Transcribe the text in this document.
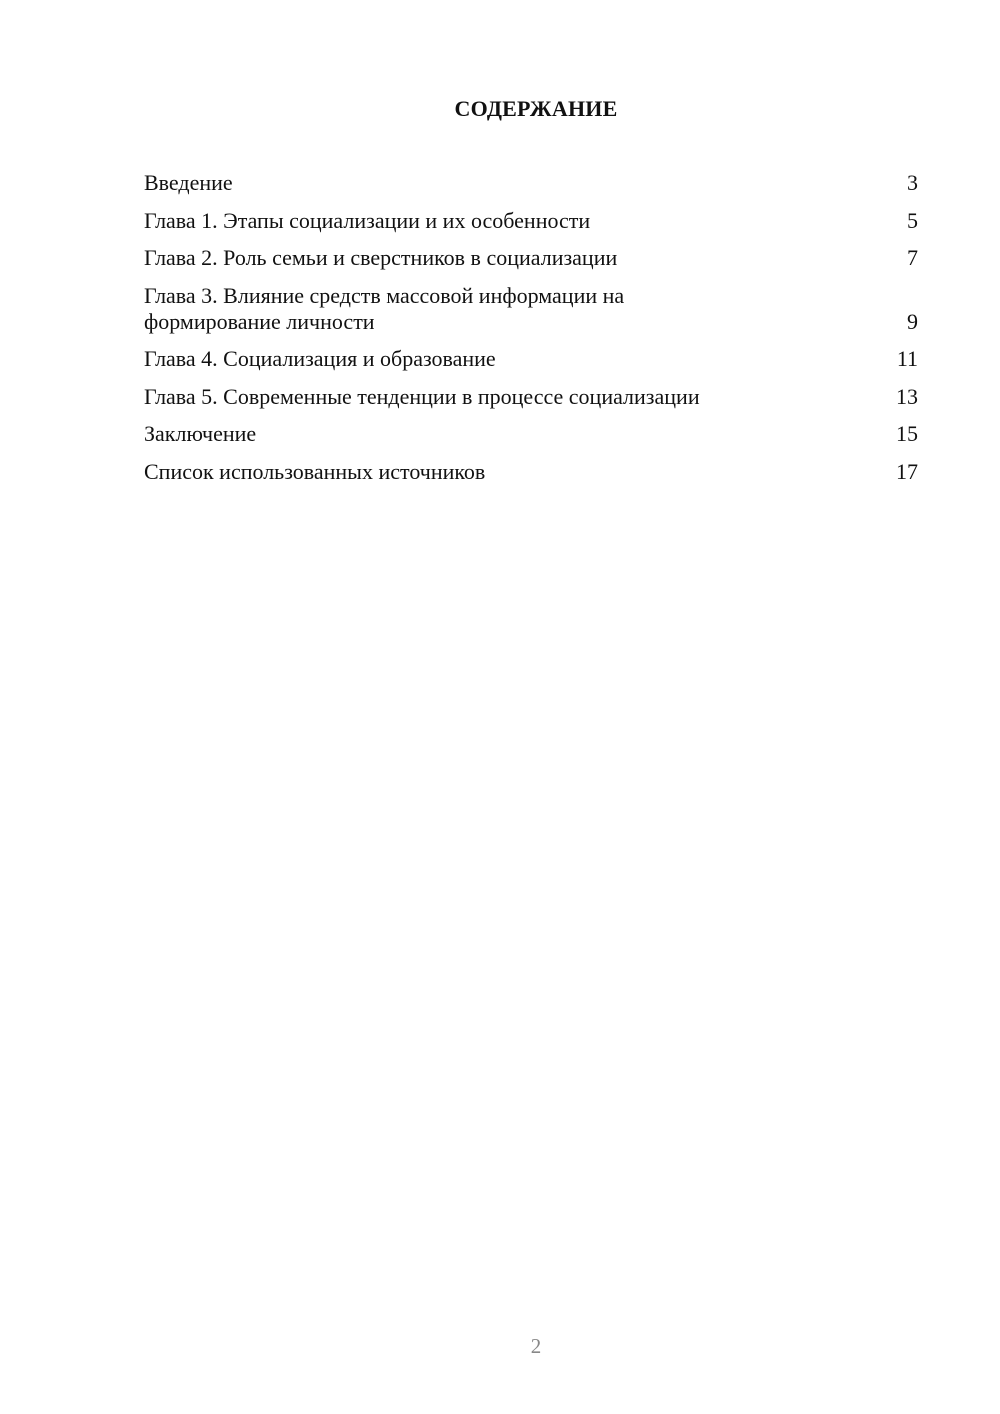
СОДЕРЖАНИЕ
Введение	3
Глава 1. Этапы социализации и их особенности	5
Глава 2. Роль семьи и сверстников в социализации	7
Глава 3. Влияние средств массовой информации на формирование личности	9
Глава 4. Социализация и образование	11
Глава 5. Современные тенденции в процессе социализации	13
Заключение	15
Список использованных источников	17
2
